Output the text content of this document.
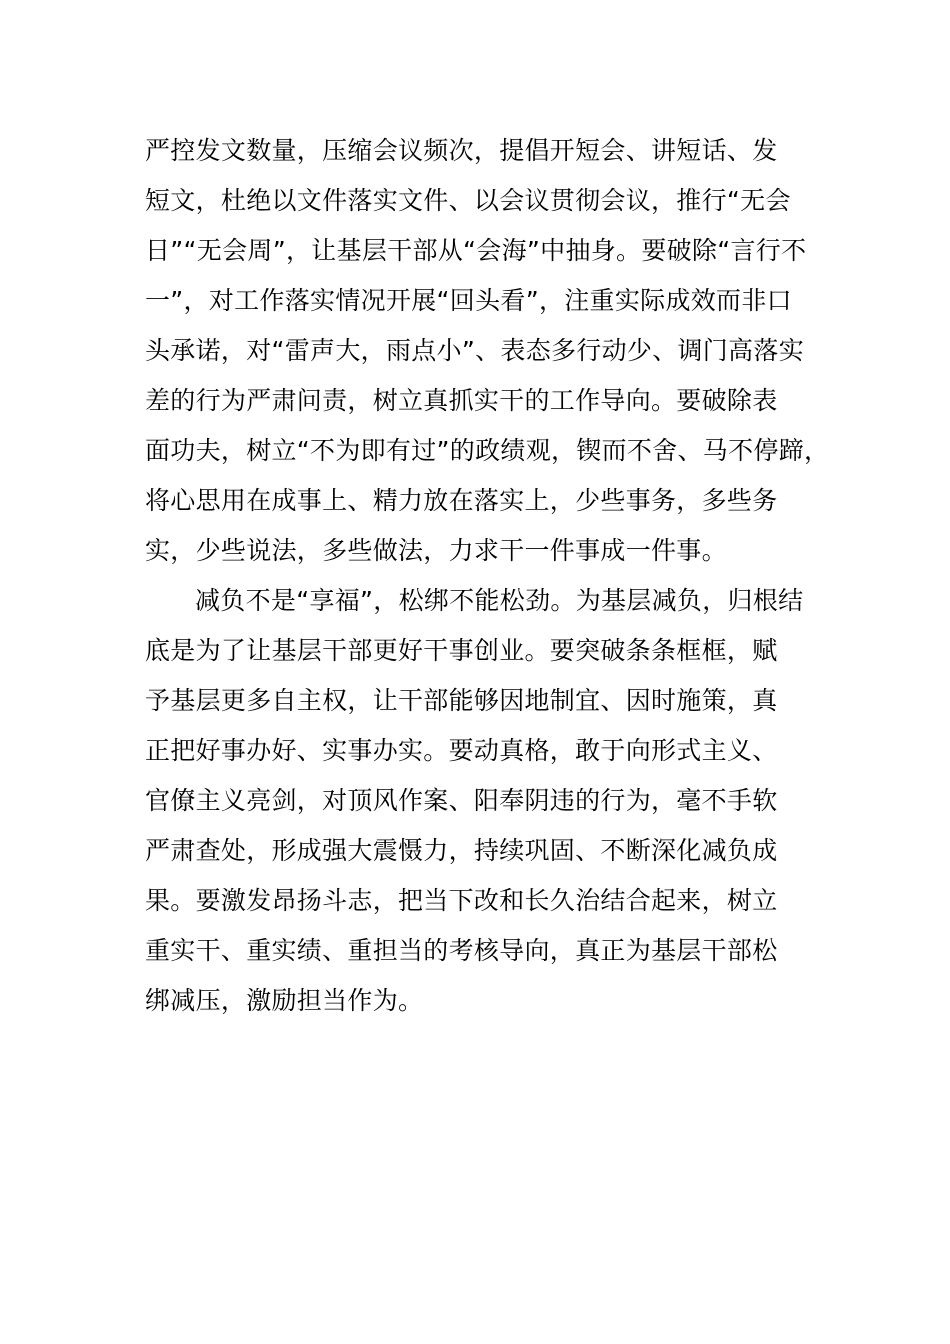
严控发文数量，压缩会议频次，提倡开短会、讲短话、发
短文，杜绝以文件落实文件、以会议贯彻会议，推行“无会
日”“无会周”，让基层干部从“会海”中抽身。要破除“言行不
一”，对工作落实情况开展“回头看”，注重实际成效而非口
头承诺，对“雷声大，雨点小”、表态多行动少、调门高落实
差的行为严肃问责，树立真抓实干的工作导向。要破除表
面功夫，树立“不为即有过”的政绩观，锲而不舍、马不停蹄，
将心思用在成事上、精力放在落实上，少些事务，多些务
实，少些说法，多些做法，力求干一件事成一件事。
减负不是“享福”，松绑不能松劲。为基层减负，归根结
底是为了让基层干部更好干事创业。要突破条条框框，赋
予基层更多自主权，让干部能够因地制宜、因时施策，真
正把好事办好、实事办实。要动真格，敢于向形式主义、
官僚主义亮剑，对顶风作案、阳奉阴违的行为，毫不手软
严肃查处，形成强大震慑力，持续巩固、不断深化减负成
果。要激发昂扬斗志，把当下改和长久治结合起来，树立
重实干、重实绩、重担当的考核导向，真正为基层干部松
绑减压，激励担当作为。
